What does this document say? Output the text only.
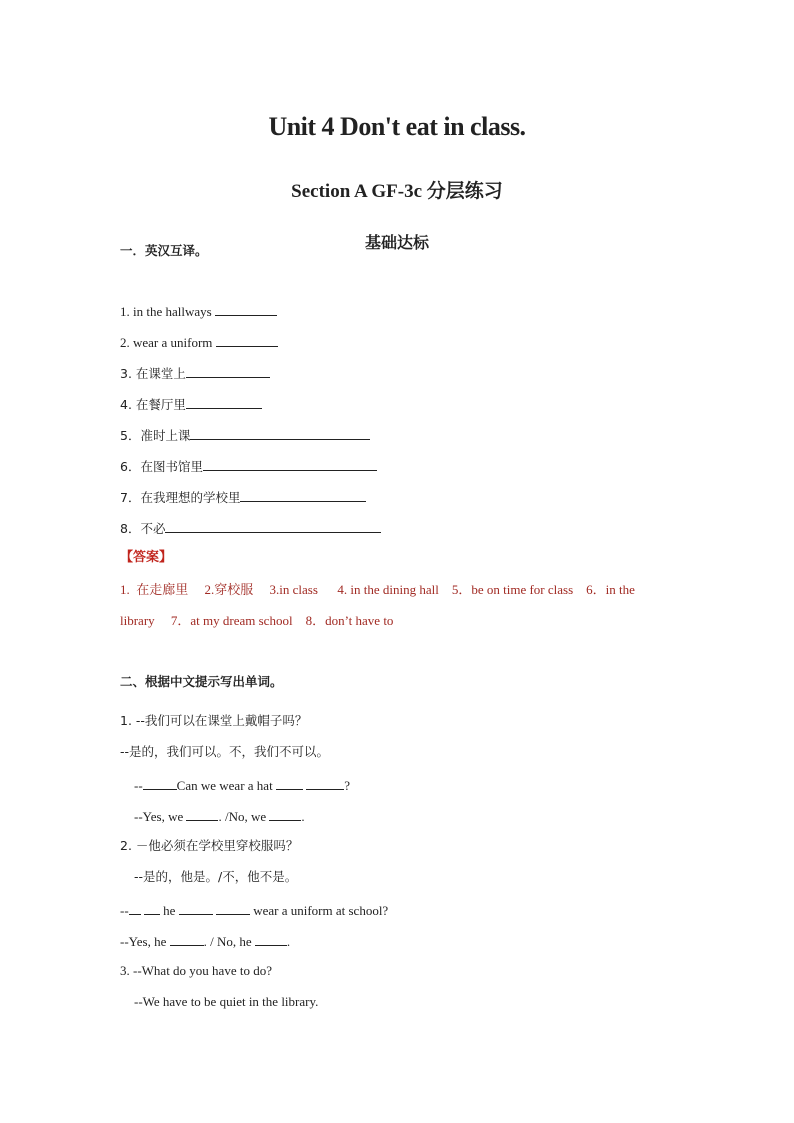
Unit 4 Don't eat in class.
Section A GF-3c 分层练习
基础达标
一．英汉互译。
1. in the hallways
2. wear a uniform
3. 在课堂上
4. 在餐厅里
5．准时上课
6．在图书馆里
7．在我理想的学校里
8．不必
【答案】
1.  在走廊里     2.穿校服     3.in class      4. in the dining hall    5．be on time for class    6．in the
library     7．at my dream school    8．don’t have to
二、根据中文提示写出单词。
1. --我们可以在课堂上戴帽子吗？
--是的，我们可以。不，我们不可以。
--	Can we wear a hat	?
--Yes, we	. /No, we	.
2. －他必须在学校里穿校服吗？
--是的，他是。/不，他不是。
--	he	wear a uniform at school?
--Yes, he	. / No, he	.
3. --What do you have to do?
--We have to be quiet in the library.
